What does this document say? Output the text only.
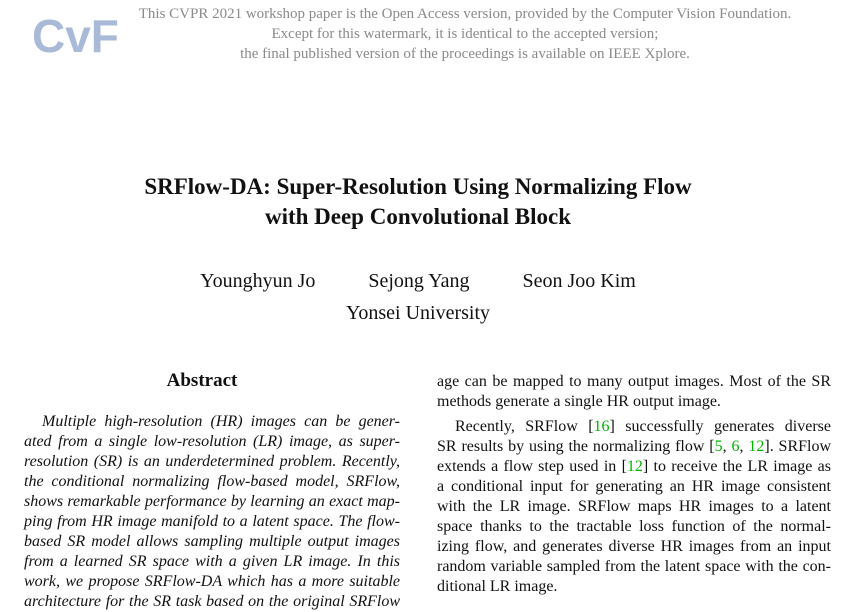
CvF	This CVPR 2021 workshop paper is the Open Access version, provided by the Computer Vision Foundation.
Except for this watermark, it is identical to the accepted version;
the final published version of the proceedings is available on IEEE Xplore.
SRFlow-DA: Super-Resolution Using Normalizing Flow
with Deep Convolutional Block
Younghyun Jo	Sejong Yang	Seon Joo Kim
Yonsei University
Abstract
Multiple high-resolution (HR) images can be gener-
ated from a single low-resolution (LR) image, as super-
resolution (SR) is an underdetermined problem. Recently,
the conditional normalizing flow-based model, SRFlow,
shows remarkable performance by learning an exact map-
ping from HR image manifold to a latent space. The flow-
based SR model allows sampling multiple output images
from a learned SR space with a given LR image. In this
work, we propose SRFlow-DA which has a more suitable
architecture for the SR task based on the original SRFlow
age can be mapped to many output images. Most of the SR
methods generate a single HR output image.
Recently, SRFlow [16] successfully generates diverse
SR results by using the normalizing flow [5, 6, 12]. SRFlow
extends a flow step used in [12] to receive the LR image as
a conditional input for generating an HR image consistent
with the LR image. SRFlow maps HR images to a latent
space thanks to the tractable loss function of the normal-
izing flow, and generates diverse HR images from an input
random variable sampled from the latent space with the con-
ditional LR image.
